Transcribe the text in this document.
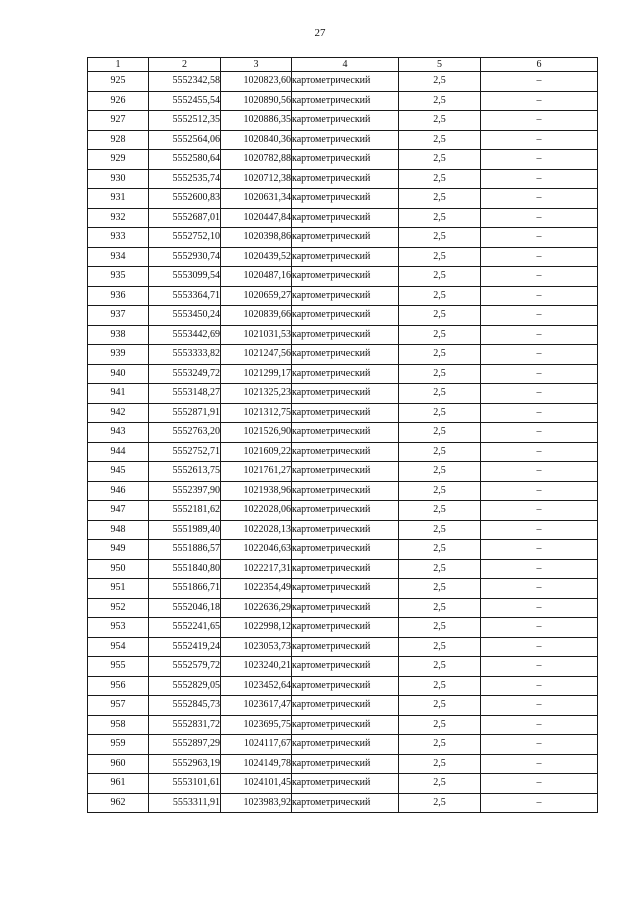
27
1	2	3	4	5	6
925	5552342,58	1020823,60	картометрический	2,5	–
926	5552455,54	1020890,56	картометрический	2,5	–
927	5552512,35	1020886,35	картометрический	2,5	–
928	5552564,06	1020840,36	картометрический	2,5	–
929	5552580,64	1020782,88	картометрический	2,5	–
930	5552535,74	1020712,38	картометрический	2,5	–
931	5552600,83	1020631,34	картометрический	2,5	–
932	5552687,01	1020447,84	картометрический	2,5	–
933	5552752,10	1020398,86	картометрический	2,5	–
934	5552930,74	1020439,52	картометрический	2,5	–
935	5553099,54	1020487,16	картометрический	2,5	–
936	5553364,71	1020659,27	картометрический	2,5	–
937	5553450,24	1020839,66	картометрический	2,5	–
938	5553442,69	1021031,53	картометрический	2,5	–
939	5553333,82	1021247,56	картометрический	2,5	–
940	5553249,72	1021299,17	картометрический	2,5	–
941	5553148,27	1021325,23	картометрический	2,5	–
942	5552871,91	1021312,75	картометрический	2,5	–
943	5552763,20	1021526,90	картометрический	2,5	–
944	5552752,71	1021609,22	картометрический	2,5	–
945	5552613,75	1021761,27	картометрический	2,5	–
946	5552397,90	1021938,96	картометрический	2,5	–
947	5552181,62	1022028,06	картометрический	2,5	–
948	5551989,40	1022028,13	картометрический	2,5	–
949	5551886,57	1022046,63	картометрический	2,5	–
950	5551840,80	1022217,31	картометрический	2,5	–
951	5551866,71	1022354,49	картометрический	2,5	–
952	5552046,18	1022636,29	картометрический	2,5	–
953	5552241,65	1022998,12	картометрический	2,5	–
954	5552419,24	1023053,73	картометрический	2,5	–
955	5552579,72	1023240,21	картометрический	2,5	–
956	5552829,05	1023452,64	картометрический	2,5	–
957	5552845,73	1023617,47	картометрический	2,5	–
958	5552831,72	1023695,75	картометрический	2,5	–
959	5552897,29	1024117,67	картометрический	2,5	–
960	5552963,19	1024149,78	картометрический	2,5	–
961	5553101,61	1024101,45	картометрический	2,5	–
962	5553311,91	1023983,92	картометрический	2,5	–
